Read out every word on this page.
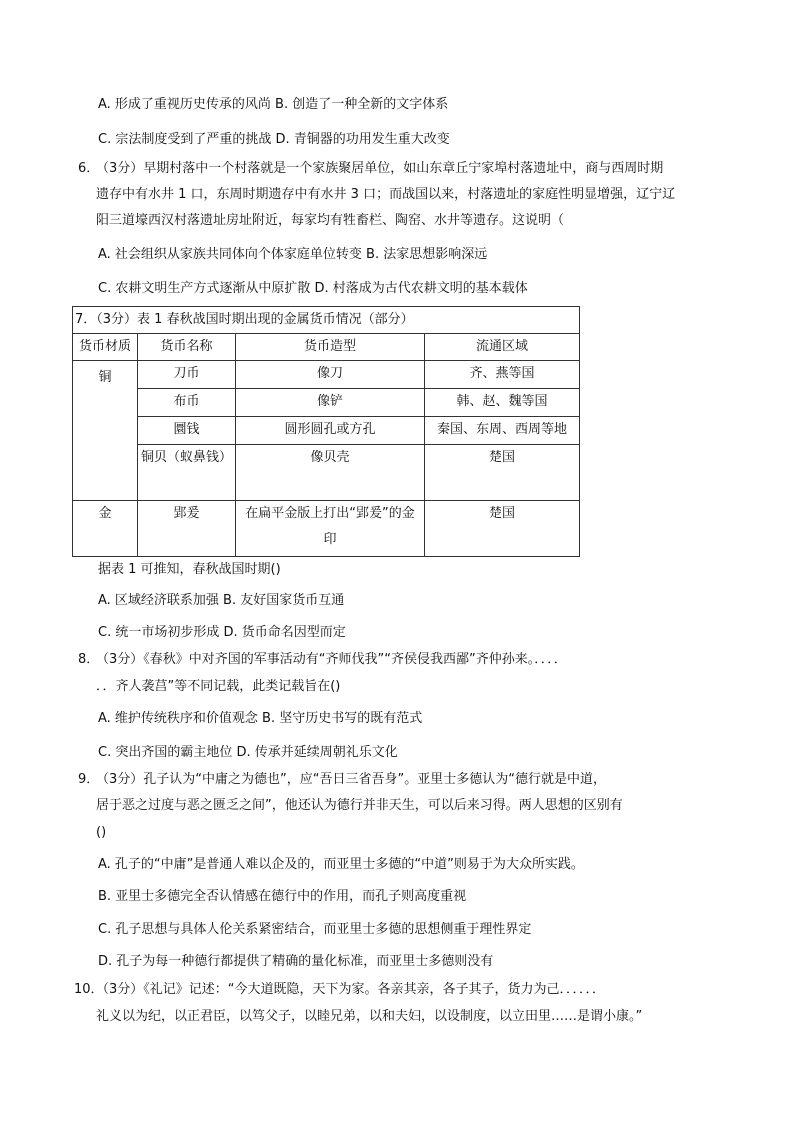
A. 形成了重视历史传承的风尚 B. 创造了一种全新的文字体系
C. 宗法制度受到了严重的挑战 D. 青铜器的功用发生重大改变
6．
（3分）早期村落中一个村落就是一个家族聚居单位，如山东章丘宁家埠村落遗址中，商与西周时期
遗存中有水井 1 口，东周时期遗存中有水井 3 口；而战国以来，村落遗址的家庭性明显增强，辽宁辽
阳三道壕西汉村落遗址房址附近，每家均有牲畜栏、陶窑、水井等遗存。这说明（
A. 社会组织从家族共同体向个体家庭单位转变 B. 法家思想影响深远
C. 农耕文明生产方式逐渐从中原扩散 D. 村落成为古代农耕文明的基本载体
7．（3分）表 1 春秋战国时期出现的金属货币情况（部分）			
货币材质	货币名称	货币造型	流通区域
铜	刀币	像刀	齐、燕等国
	布币	像铲	韩、赵、魏等国
	圜钱	圆形圆孔或方孔	秦国、东周、西周等地
	铜贝（蚁鼻钱）	像贝壳	楚国
金	郢爰	在扁平金版上打出“郢爰”的金印	楚国
据表 1 可推知，春秋战国时期()
A. 区域经济联系加强 B. 友好国家货币互通
C. 统一市场初步形成 D. 货币命名因型而定
8．
（3分）《春秋》中对齐国的军事活动有“齐师伐我”“齐侯侵我西鄙”齐仲孙来。．．．．
．．齐人袭莒”等不同记载，此类记载旨在()
A. 维护传统秩序和价值观念 B. 坚守历史书写的既有范式
C. 突出齐国的霸主地位 D. 传承并延续周朝礼乐文化
9．
（3分）孔子认为“中庸之为德也”，应“吾日三省吾身”。亚里士多德认为“德行就是中道，
居于恶之过度与恶之匮乏之间”，他还认为德行并非天生，可以后来习得。两人思想的区别有
()
A. 孔子的“中庸”是普通人难以企及的，而亚里士多德的“中道”则易于为大众所实践。
B. 亚里士多德完全否认情感在德行中的作用，而孔子则高度重视
C. 孔子思想与具体人伦关系紧密结合，而亚里士多德的思想侧重于理性界定
D. 孔子为每一种德行都提供了精确的量化标准，而亚里士多德则没有
10．
（3分）《礼记》记述：“今大道既隐，天下为家。各亲其亲，各子其子，货力为己．．．．．．
礼义以为纪，以正君臣，以笃父子，以睦兄弟，以和夫妇，以设制度，以立田里……是谓小康。”
